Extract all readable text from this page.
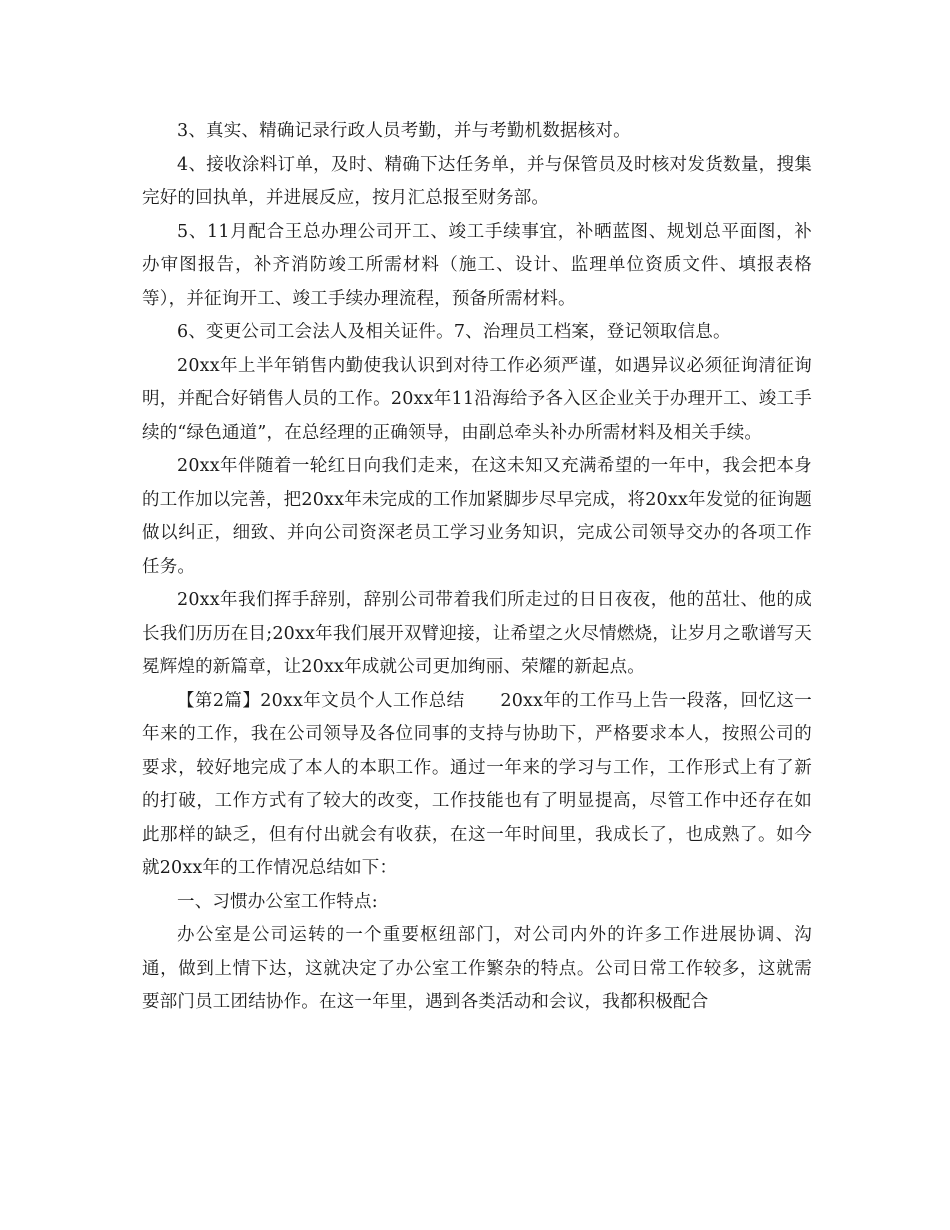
3、真实、精确记录行政人员考勤，并与考勤机数据核对。

4、接收涂料订单，及时、精确下达任务单，并与保管员及时核对发货数量，搜集完好的回执单，并进展反应，按月汇总报至财务部。

5、11月配合王总办理公司开工、竣工手续事宜，补晒蓝图、规划总平面图，补办审图报告，补齐消防竣工所需材料（施工、设计、监理单位资质文件、填报表格等），并征询开工、竣工手续办理流程，预备所需材料。

6、变更公司工会法人及相关证件。7、治理员工档案，登记领取信息。

20xx年上半年销售内勤使我认识到对待工作必须严谨，如遇异议必须征询清征询明，并配合好销售人员的工作。20xx年11沿海给予各入区企业关于办理开工、竣工手续的“绿色通道”，在总经理的正确领导，由副总牵头补办所需材料及相关手续。

20xx年伴随着一轮红日向我们走来，在这未知又充满希望的一年中，我会把本身的工作加以完善，把20xx年未完成的工作加紧脚步尽早完成，将20xx年发觉的征询题做以纠正，细致、并向公司资深老员工学习业务知识，完成公司领导交办的各项工作任务。

20xx年我们挥手辞别，辞别公司带着我们所走过的日日夜夜，他的茁壮、他的成长我们历历在目;20xx年我们展开双臂迎接，让希望之火尽情燃烧，让岁月之歌谱写天冕辉煌的新篇章，让20xx年成就公司更加绚丽、荣耀的新起点。

【第2篇】20xx年文员个人工作总结　　20xx年的工作马上告一段落，回忆这一年来的工作，我在公司领导及各位同事的支持与协助下，严格要求本人，按照公司的要求，较好地完成了本人的本职工作。通过一年来的学习与工作，工作形式上有了新的打破，工作方式有了较大的改变，工作技能也有了明显提高，尽管工作中还存在如此那样的缺乏，但有付出就会有收获，在这一年时间里，我成长了，也成熟了。如今就20xx年的工作情况总结如下：

一、习惯办公室工作特点:

办公室是公司运转的一个重要枢纽部门，对公司内外的许多工作进展协调、沟通，做到上情下达，这就决定了办公室工作繁杂的特点。公司日常工作较多，这就需要部门员工团结协作。在这一年里，遇到各类活动和会议，我都积极配合
